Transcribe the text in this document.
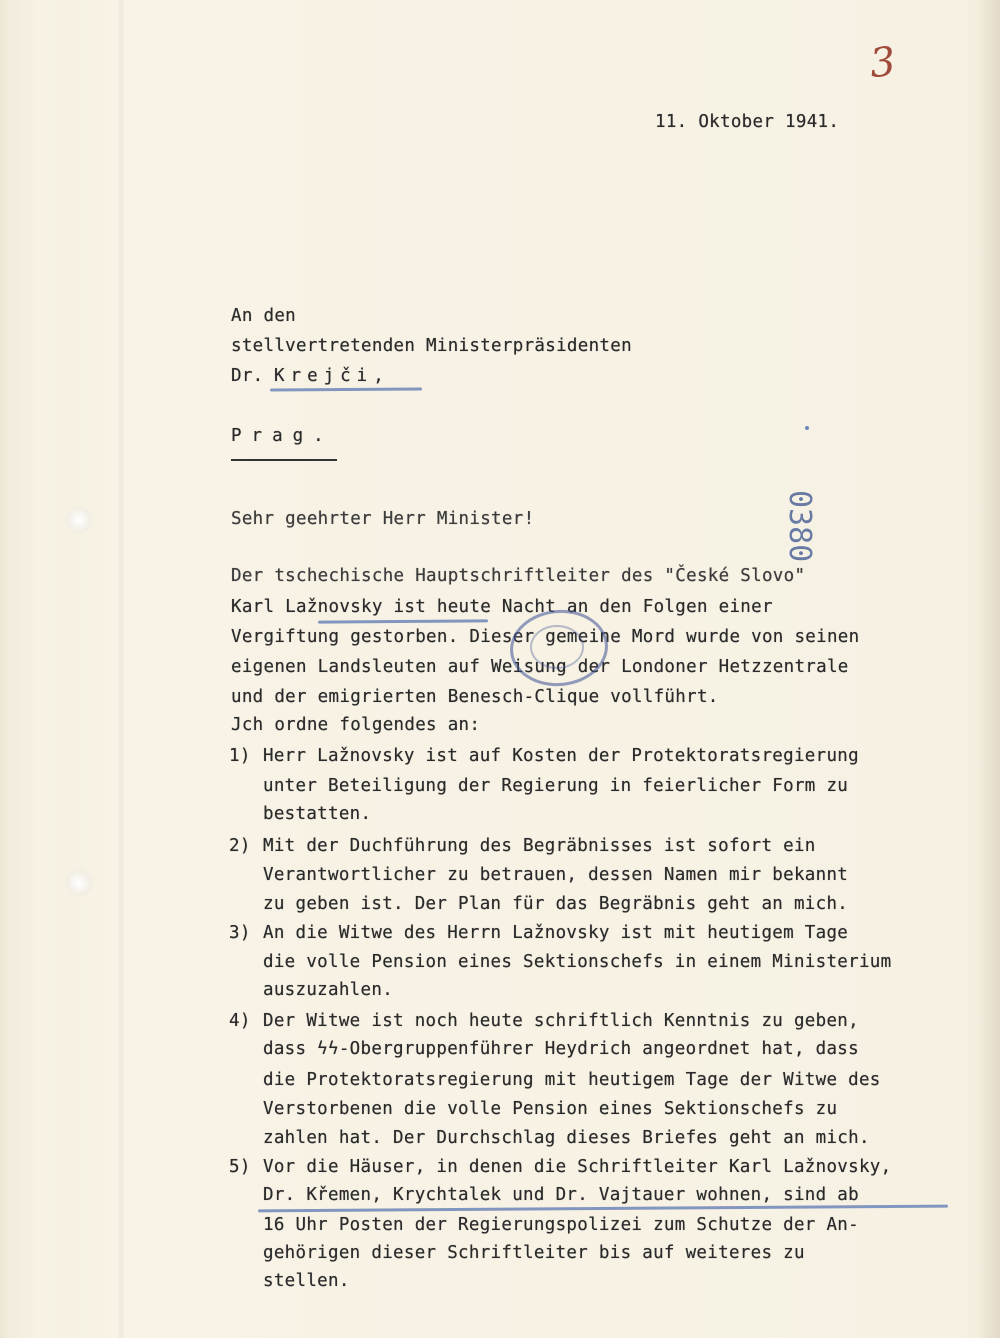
3
11. Oktober 1941.
An den
stellvertretenden Ministerpräsidenten
Dr. Krejči,
Prag.
0380
Sehr geehrter Herr Minister!
Der tschechische Hauptschriftleiter des "České Slovo"
Karl Lažnovsky ist heute Nacht an den Folgen einer
Vergiftung gestorben. Dieser gemeine Mord wurde von seinen
eigenen Landsleuten auf Weisung der Londoner Hetzzentrale
und der emigrierten Benesch-Clique vollführt.
Jch ordne folgendes an:
1) Herr Lažnovsky ist auf Kosten der Protektoratsregierung
unter Beteiligung der Regierung in feierlicher Form zu
bestatten.
2) Mit der Duchführung des Begräbnisses ist sofort ein
Verantwortlicher zu betrauen, dessen Namen mir bekannt
zu geben ist. Der Plan für das Begräbnis geht an mich.
3) An die Witwe des Herrn Lažnovsky ist mit heutigem Tage
die volle Pension eines Sektionschefs in einem Ministerium
auszuzahlen.
4) Der Witwe ist noch heute schriftlich Kenntnis zu geben,
dass ϟϟ-Obergruppenführer Heydrich angeordnet hat, dass
die Protektoratsregierung mit heutigem Tage der Witwe des
Verstorbenen die volle Pension eines Sektionschefs zu
zahlen hat. Der Durchschlag dieses Briefes geht an mich.
5) Vor die Häuser, in denen die Schriftleiter Karl Lažnovsky,
Dr. Křemen, Krychtalek und Dr. Vajtauer wohnen, sind ab
16 Uhr Posten der Regierungspolizei zum Schutze der An-
gehörigen dieser Schriftleiter bis auf weiteres zu
stellen.
